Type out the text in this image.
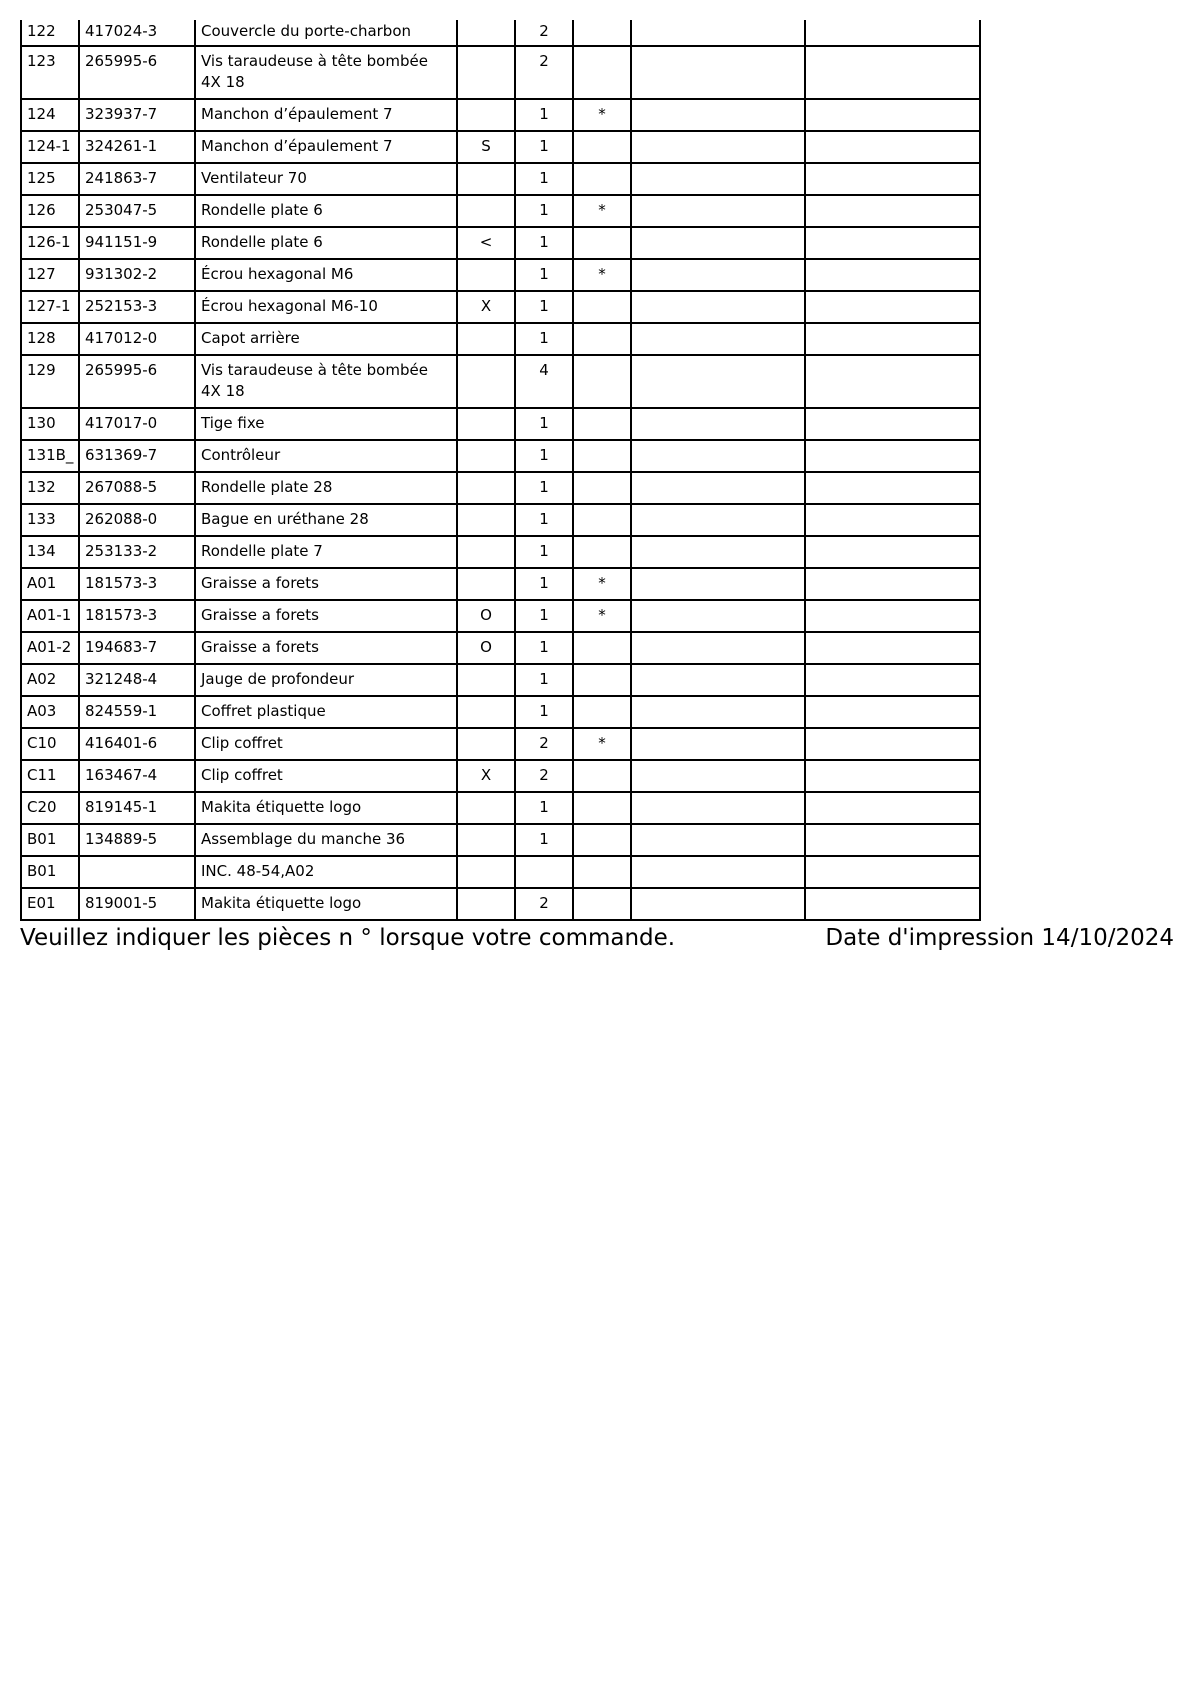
122	417024-3	Couvercle du porte-charbon		2			

123	265995-6	Vis taraudeuse à tête bombée 4X 18		2			

124	323937-7	Manchon d’épaulement 7		1	*		

124-1	324261-1	Manchon d’épaulement 7	S	1			

125	241863-7	Ventilateur 70		1			

126	253047-5	Rondelle plate 6		1	*		

126-1	941151-9	Rondelle plate 6	<	1			

127	931302-2	Écrou hexagonal M6		1	*		

127-1	252153-3	Écrou hexagonal M6-10	X	1			

128	417012-0	Capot arrière		1			

129	265995-6	Vis taraudeuse à tête bombée 4X 18		4			

130	417017-0	Tige fixe		1			

131B_	631369-7	Contrôleur		1			

132	267088-5	Rondelle plate 28		1			

133	262088-0	Bague en uréthane 28		1			

134	253133-2	Rondelle plate 7		1			

A01	181573-3	Graisse a forets		1	*		

A01-1	181573-3	Graisse a forets	O	1	*		

A01-2	194683-7	Graisse a forets	O	1			

A02	321248-4	Jauge de profondeur		1			

A03	824559-1	Coffret plastique		1			

C10	416401-6	Clip coffret		2	*		

C11	163467-4	Clip coffret	X	2			

C20	819145-1	Makita étiquette logo		1			

B01	134889-5	Assemblage du manche 36		1			

B01		INC. 48-54,A02					

E01	819001-5	Makita étiquette logo		2			

Veuillez indiquer les pièces n ° lorsque votre commande.	Date d'impression 14/10/2024
